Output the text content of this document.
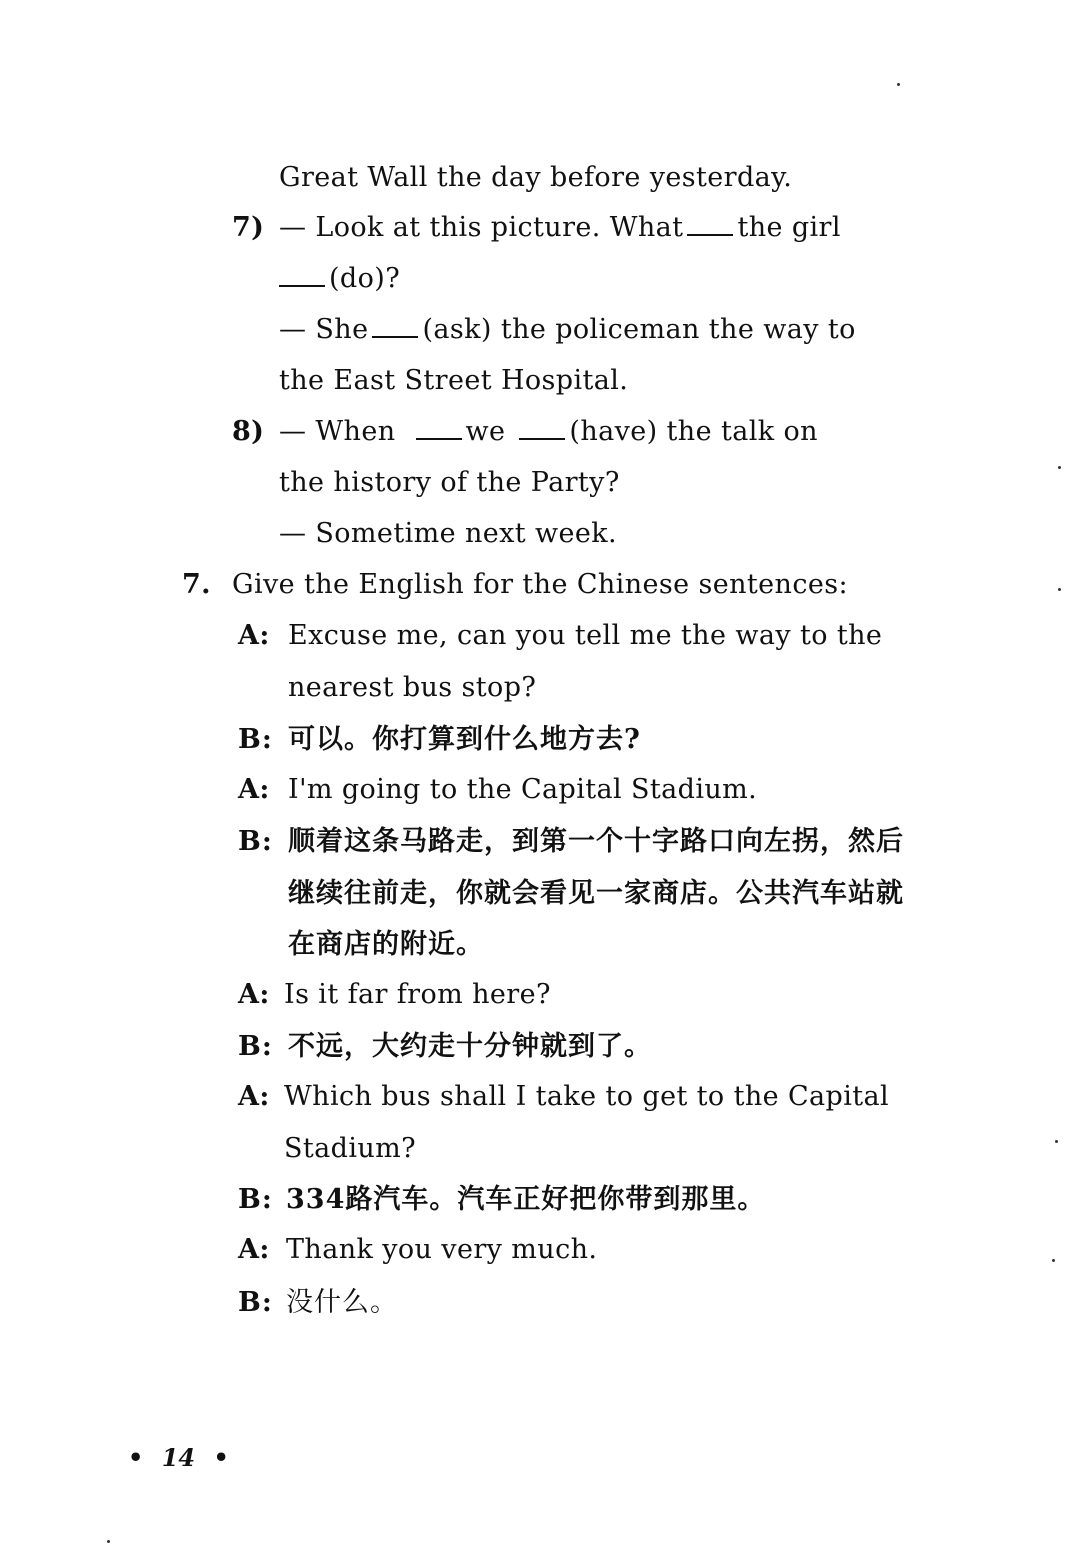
Great Wall the day before yesterday.
7) — Look at this picture. What the girl
(do)?
— She (ask) the policeman the way to
the East Street Hospital.
8) — When	we (have) the talk on
the history of the Party?
— Sometime next week.
7. Give the English for the Chinese sentences:
A: Excuse me, can you tell me the way to the
nearest bus stop?
B: 可以。你打算到什么地方去?
A: I'm going to the Capital Stadium.
B: 顺着这条马路走，到第一个十字路口向左拐，然后
继续往前走，你就会看见一家商店。公共汽车站就
在商店的附近。
A: Is it far from here?
B: 不远，大约走十分钟就到了。
A: Which bus shall I take to get to the Capital
Stadium?
B: 334路汽车。汽车正好把你带到那里。
A: Thank you very much.
B: 没什么。
• 14 •
